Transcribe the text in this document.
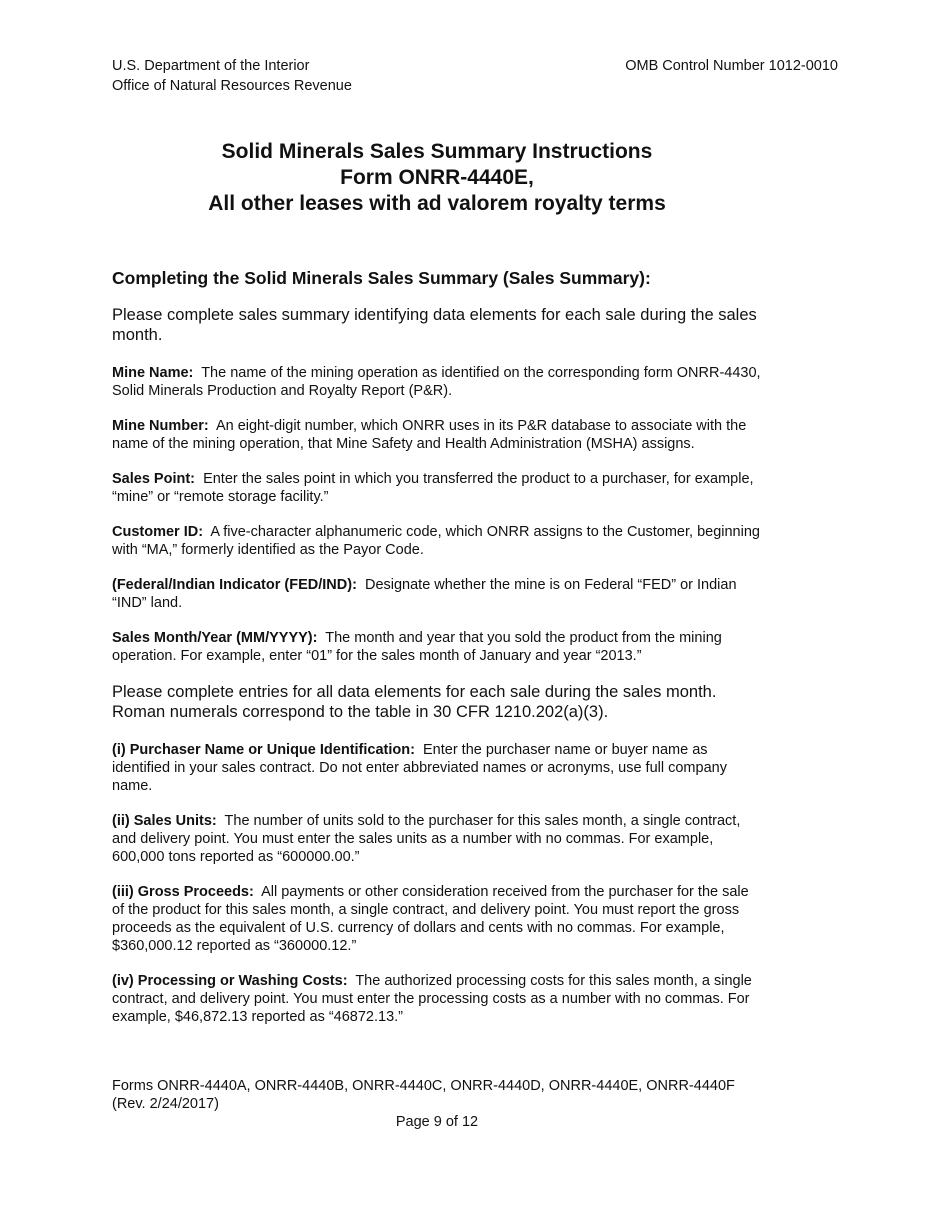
U.S. Department of the Interior
Office of Natural Resources Revenue
OMB Control Number 1012-0010
Solid Minerals Sales Summary Instructions
Form ONRR-4440E,
All other leases with ad valorem royalty terms
Completing the Solid Minerals Sales Summary (Sales Summary):

Please complete sales summary identifying data elements for each sale during the sales month.

Mine Name: The name of the mining operation as identified on the corresponding form ONRR-4430, Solid Minerals Production and Royalty Report (P&R).

Mine Number: An eight-digit number, which ONRR uses in its P&R database to associate with the name of the mining operation, that Mine Safety and Health Administration (MSHA) assigns.

Sales Point: Enter the sales point in which you transferred the product to a purchaser, for example, “mine” or “remote storage facility.”

Customer ID: A five-character alphanumeric code, which ONRR assigns to the Customer, beginning with “MA,” formerly identified as the Payor Code.

(Federal/Indian Indicator (FED/IND): Designate whether the mine is on Federal “FED” or Indian “IND” land.

Sales Month/Year (MM/YYYY): The month and year that you sold the product from the mining operation. For example, enter “01” for the sales month of January and year “2013.”

Please complete entries for all data elements for each sale during the sales month. Roman numerals correspond to the table in 30 CFR 1210.202(a)(3).

(i) Purchaser Name or Unique Identification: Enter the purchaser name or buyer name as identified in your sales contract. Do not enter abbreviated names or acronyms, use full company name.

(ii) Sales Units: The number of units sold to the purchaser for this sales month, a single contract, and delivery point. You must enter the sales units as a number with no commas. For example, 600,000 tons reported as “600000.00.”

(iii) Gross Proceeds: All payments or other consideration received from the purchaser for the sale of the product for this sales month, a single contract, and delivery point. You must report the gross proceeds as the equivalent of U.S. currency of dollars and cents with no commas. For example, $360,000.12 reported as “360000.12.”

(iv) Processing or Washing Costs: The authorized processing costs for this sales month, a single contract, and delivery point. You must enter the processing costs as a number with no commas. For example, $46,872.13 reported as “46872.13.”

Forms ONRR-4440A, ONRR-4440B, ONRR-4440C, ONRR-4440D, ONRR-4440E, ONRR-4440F (Rev. 2/24/2017)
Page 9 of 12
